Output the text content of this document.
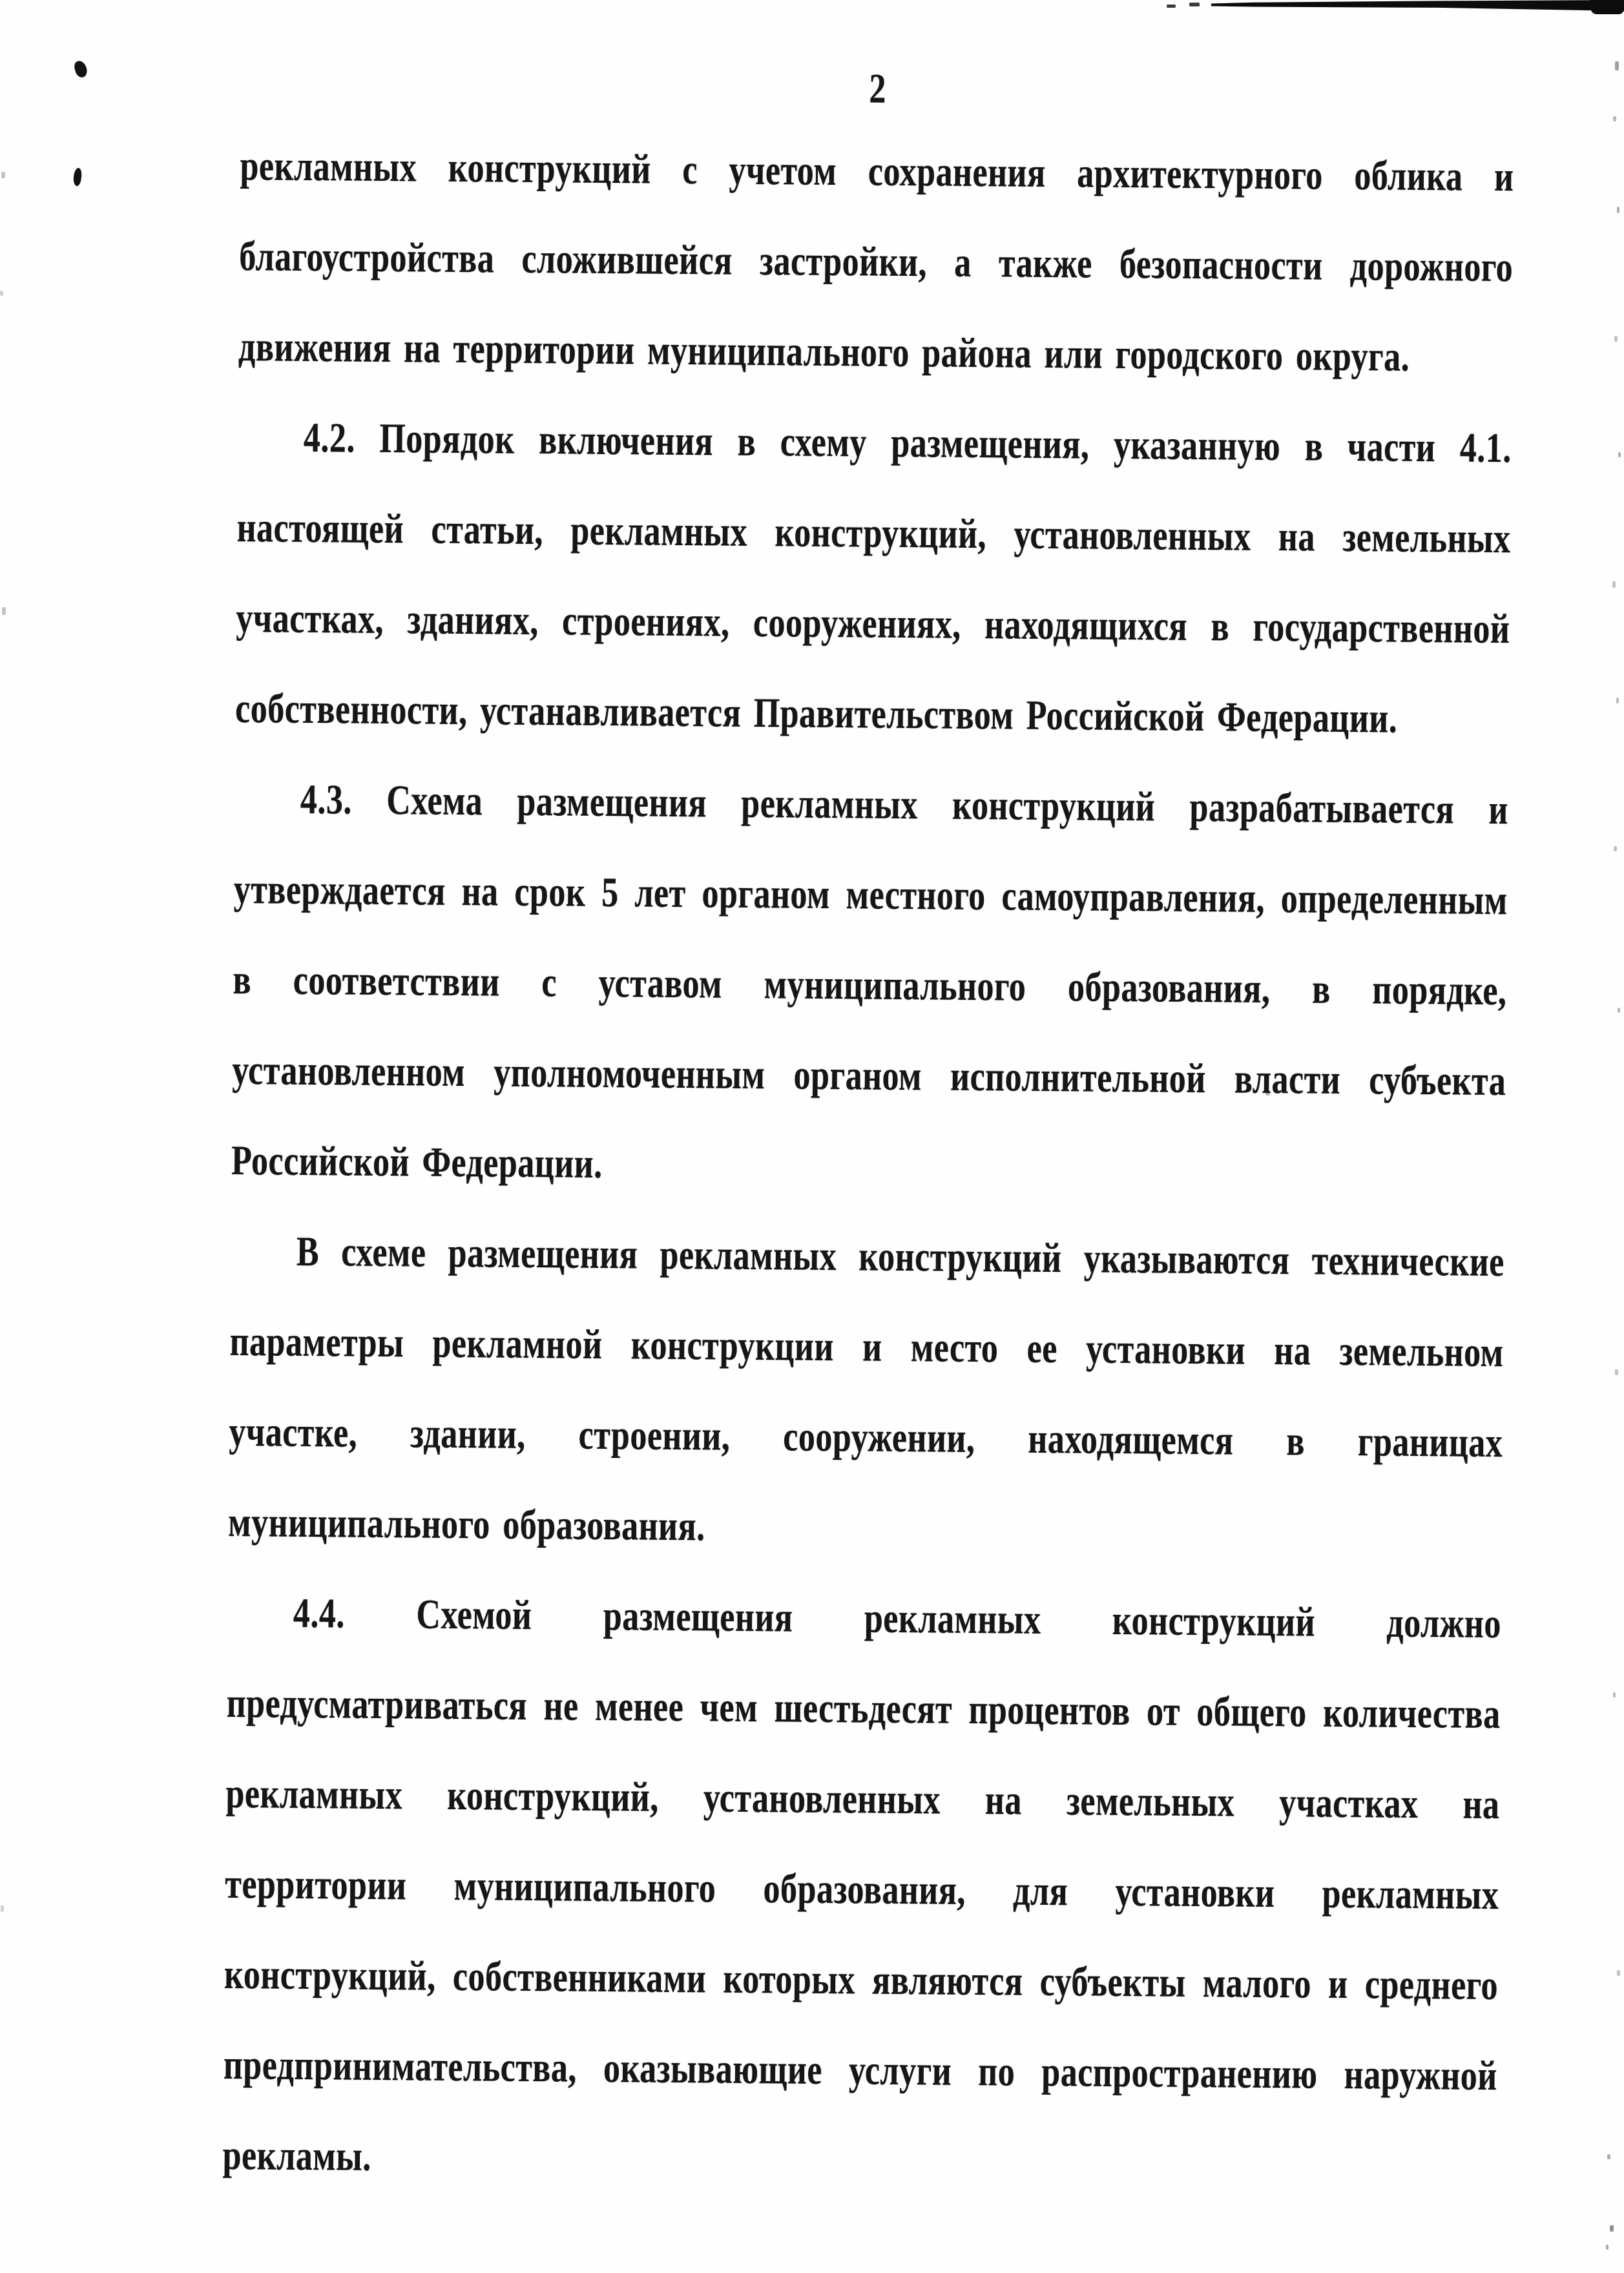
2
рекламных конструкций с учетом сохранения архитектурного облика и
благоустройства сложившейся застройки, а также безопасности дорожного
движения на территории муниципального района или городского округа.
4.2. Порядок включения в схему размещения, указанную в части 4.1.
настоящей статьи, рекламных конструкций, установленных на земельных
участках, зданиях, строениях, сооружениях, находящихся в государственной
собственности, устанавливается Правительством Российской Федерации.
4.3. Схема размещения рекламных конструкций разрабатывается и
утверждается на срок 5 лет органом местного самоуправления, определенным
в соответствии с уставом муниципального образования, в порядке,
установленном уполномоченным органом исполнительной власти субъекта
Российской Федерации.
В схеме размещения рекламных конструкций указываются технические
параметры рекламной конструкции и место ее установки на земельном
участке, здании, строении, сооружении, находящемся в границах
муниципального образования.
4.4. Схемой размещения рекламных конструкций должно
предусматриваться не менее чем шестьдесят процентов от общего количества
рекламных конструкций, установленных на земельных участках на
территории муниципального образования, для установки рекламных
конструкций, собственниками которых являются субъекты малого и среднего
предпринимательства, оказывающие услуги по распространению наружной
рекламы.
